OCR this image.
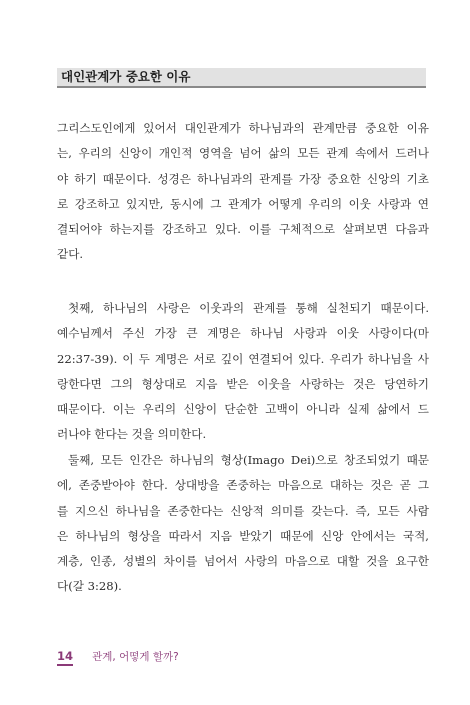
대인관계가 중요한 이유
그리스도인에게 있어서 대인관계가 하나님과의 관계만큼 중요한 이유
는, 우리의 신앙이 개인적 영역을 넘어 삶의 모든 관계 속에서 드러나
야 하기 때문이다. 성경은 하나님과의 관계를 가장 중요한 신앙의 기초
로 강조하고 있지만, 동시에 그 관계가 어떻게 우리의 이웃 사랑과 연
결되어야 하는지를 강조하고 있다. 이를 구체적으로 살펴보면 다음과
같다.
첫째, 하나님의 사랑은 이웃과의 관계를 통해 실천되기 때문이다.
예수님께서 주신 가장 큰 계명은 하나님 사랑과 이웃 사랑이다(마
22:37-39). 이 두 계명은 서로 깊이 연결되어 있다. 우리가 하나님을 사
랑한다면 그의 형상대로 지음 받은 이웃을 사랑하는 것은 당연하기
때문이다. 이는 우리의 신앙이 단순한 고백이 아니라 실제 삶에서 드
러나야 한다는 것을 의미한다.
둘째, 모든 인간은 하나님의 형상(Imago Dei)으로 창조되었기 때문
에, 존중받아야 한다. 상대방을 존중하는 마음으로 대하는 것은 곧 그
를 지으신 하나님을 존중한다는 신앙적 의미를 갖는다. 즉, 모든 사람
은 하나님의 형상을 따라서 지음 받았기 때문에 신앙 안에서는 국적,
계층, 인종, 성별의 차이를 넘어서 사랑의 마음으로 대할 것을 요구한
다(갈 3:28).
14 관계, 어떻게 할까?
